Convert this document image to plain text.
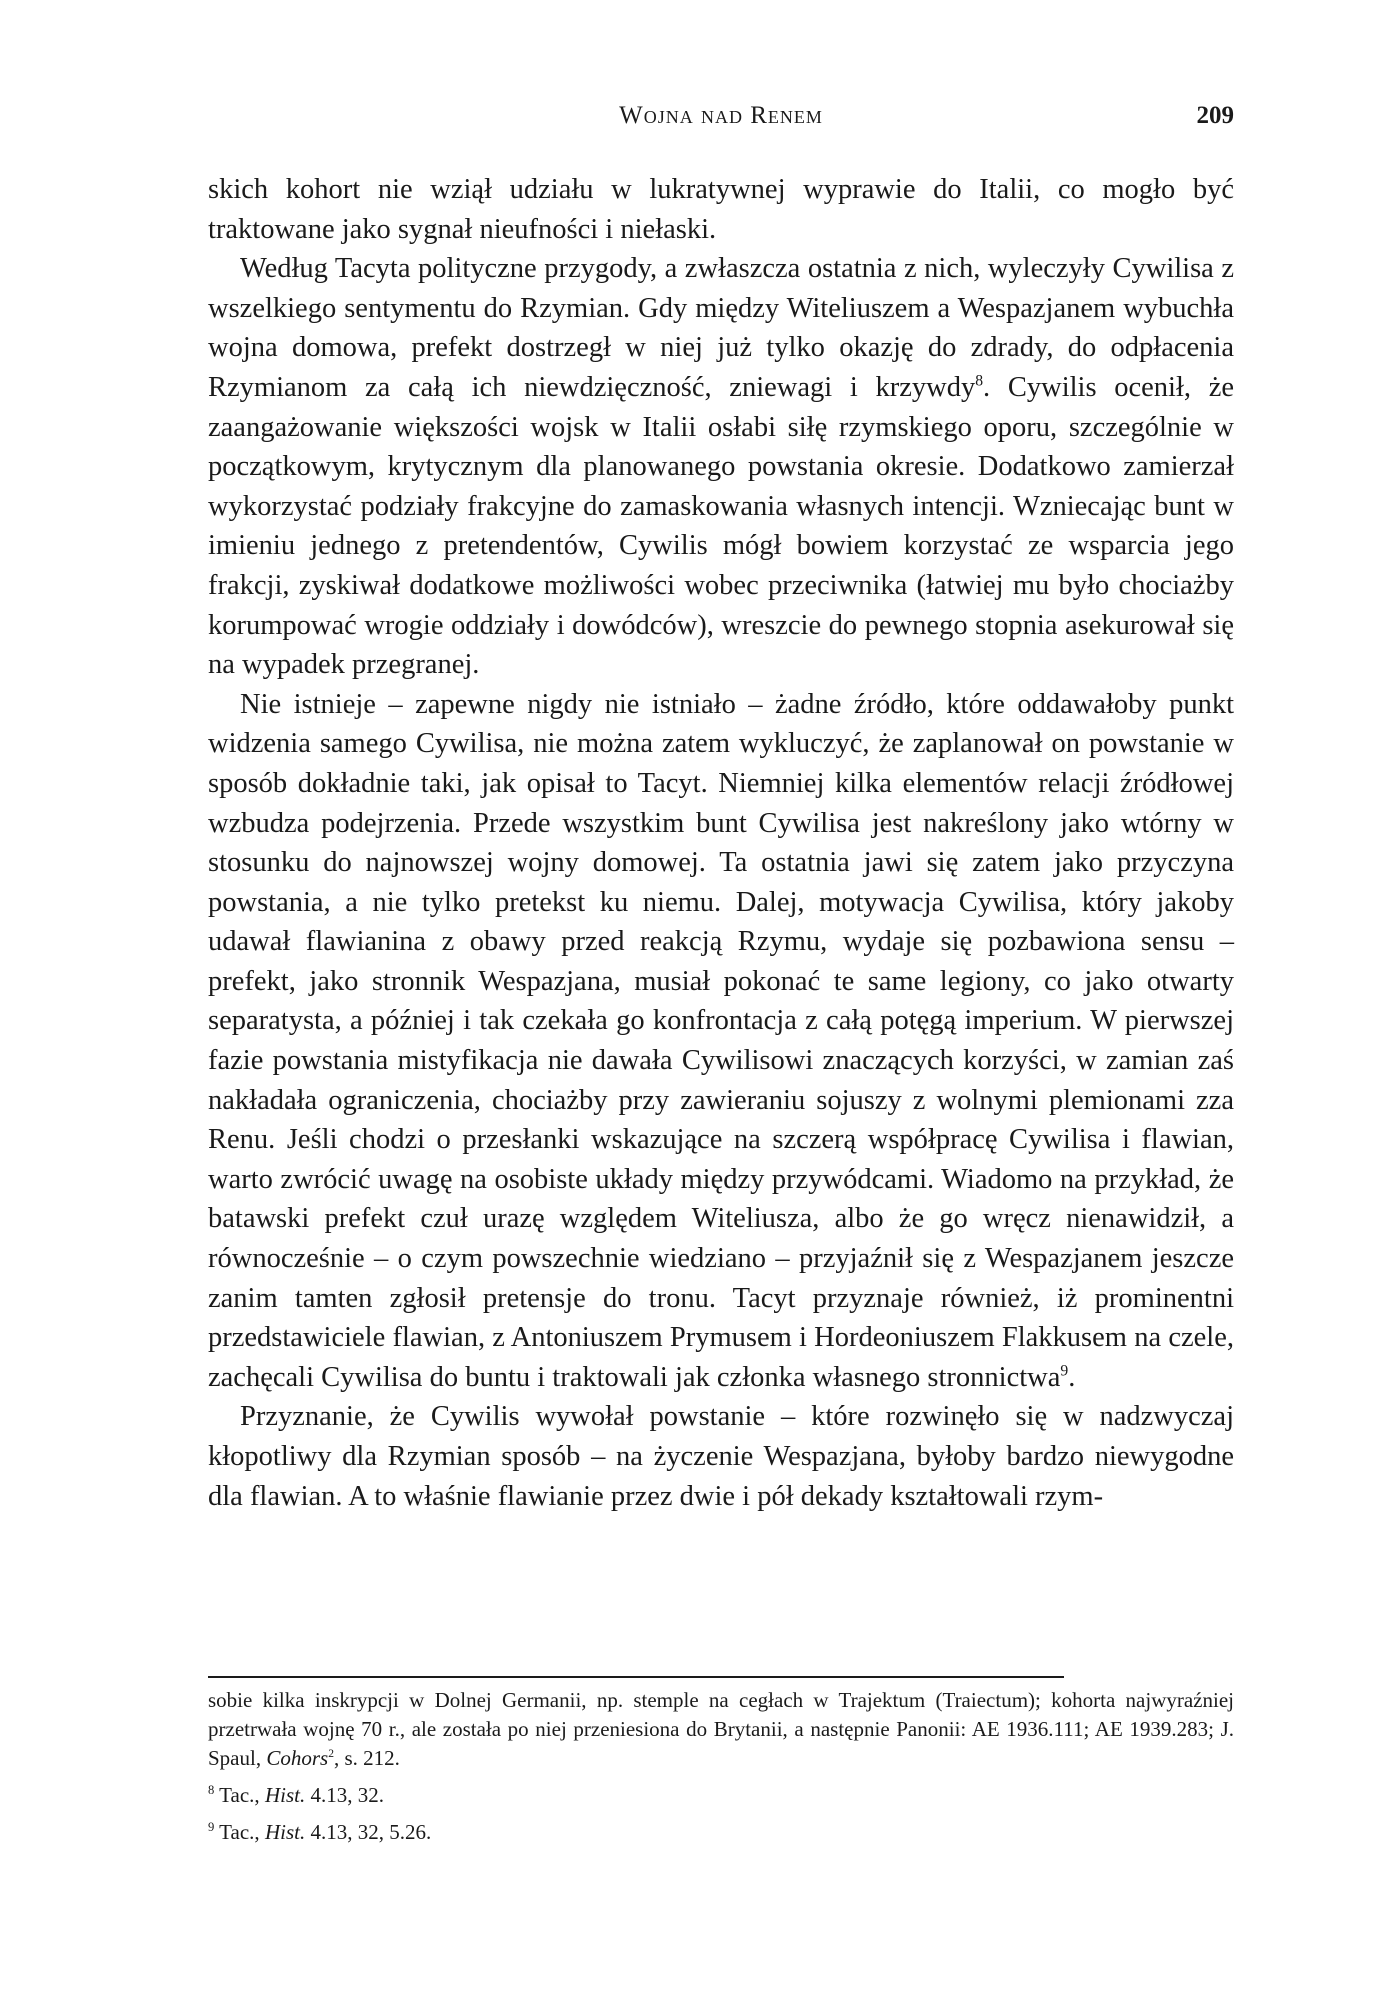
Wojna nad Renem	209

skich kohort nie wziął udziału w lukratywnej wyprawie do Italii, co mogło być traktowane jako sygnał nieufności i niełaski.

Według Tacyta polityczne przygody, a zwłaszcza ostatnia z nich, wyleczyły Cywilisa z wszelkiego sentymentu do Rzymian. Gdy między Witeliuszem a Wespazjanem wybuchła wojna domowa, prefekt dostrzegł w niej już tylko okazję do zdrady, do odpłacenia Rzymianom za całą ich niewdzięczność, zniewagi i krzywdy$^8$. Cywilis ocenił, że zaangażowanie większości wojsk w Italii osłabi siłę rzymskiego oporu, szczególnie w początkowym, krytycznym dla planowanego powstania okresie. Dodatkowo zamierzał wykorzystać podziały frakcyjne do zamaskowania własnych intencji. Wzniecając bunt w imieniu jednego z pretendentów, Cywilis mógł bowiem korzystać ze wsparcia jego frakcji, zyskiwał dodatkowe możliwości wobec przeciwnika (łatwiej mu było chociażby korumpować wrogie oddziały i dowódców), wreszcie do pewnego stopnia asekurował się na wypadek przegranej.

Nie istnieje – zapewne nigdy nie istniało – żadne źródło, które oddawałoby punkt widzenia samego Cywilisa, nie można zatem wykluczyć, że zaplanował on powstanie w sposób dokładnie taki, jak opisał to Tacyt. Niemniej kilka elementów relacji źródłowej wzbudza podejrzenia. Przede wszystkim bunt Cywilisa jest nakreślony jako wtórny w stosunku do najnowszej wojny domowej. Ta ostatnia jawi się zatem jako przyczyna powstania, a nie tylko pretekst ku niemu. Dalej, motywacja Cywilisa, który jakoby udawał flawianina z obawy przed reakcją Rzymu, wydaje się pozbawiona sensu – prefekt, jako stronnik Wespazjana, musiał pokonać te same legiony, co jako otwarty separatysta, a później i tak czekała go konfrontacja z całą potęgą imperium. W pierwszej fazie powstania mistyfikacja nie dawała Cywilisowi znaczących korzyści, w zamian zaś nakładała ograniczenia, chociażby przy zawieraniu sojuszy z wolnymi plemionami zza Renu. Jeśli chodzi o przesłanki wskazujące na szczerą współpracę Cywilisa i flawian, warto zwrócić uwagę na osobiste układy między przywódcami. Wiadomo na przykład, że batawski prefekt czuł urazę względem Witeliusza, albo że go wręcz nienawidził, a równocześnie – o czym powszechnie wiedziano – przyjaźnił się z Wespazjanem jeszcze zanim tamten zgłosił pretensje do tronu. Tacyt przyznaje również, iż prominentni przedstawiciele flawian, z Antoniuszem Prymusem i Hordeoniuszem Flakkusem na czele, zachęcali Cywilisa do buntu i traktowali jak członka własnego stronnictwa$^9$.

Przyznanie, że Cywilis wywołał powstanie – które rozwinęło się w nadzwyczaj kłopotliwy dla Rzymian sposób – na życzenie Wespazjana, byłoby bardzo niewygodne dla flawian. A to właśnie flawianie przez dwie i pół dekady kształtowali rzym-

sobie kilka inskrypcji w Dolnej Germanii, np. stemple na cegłach w Trajektum (Traiectum); kohorta najwyraźniej przetrwała wojnę 70 r., ale została po niej przeniesiona do Brytanii, a następnie Panonii: AE 1936.111; AE 1939.283; J. Spaul, Cohors$^2$, s. 212.

$^8$ Tac., Hist. 4.13, 32.

$^9$ Tac., Hist. 4.13, 32, 5.26.
